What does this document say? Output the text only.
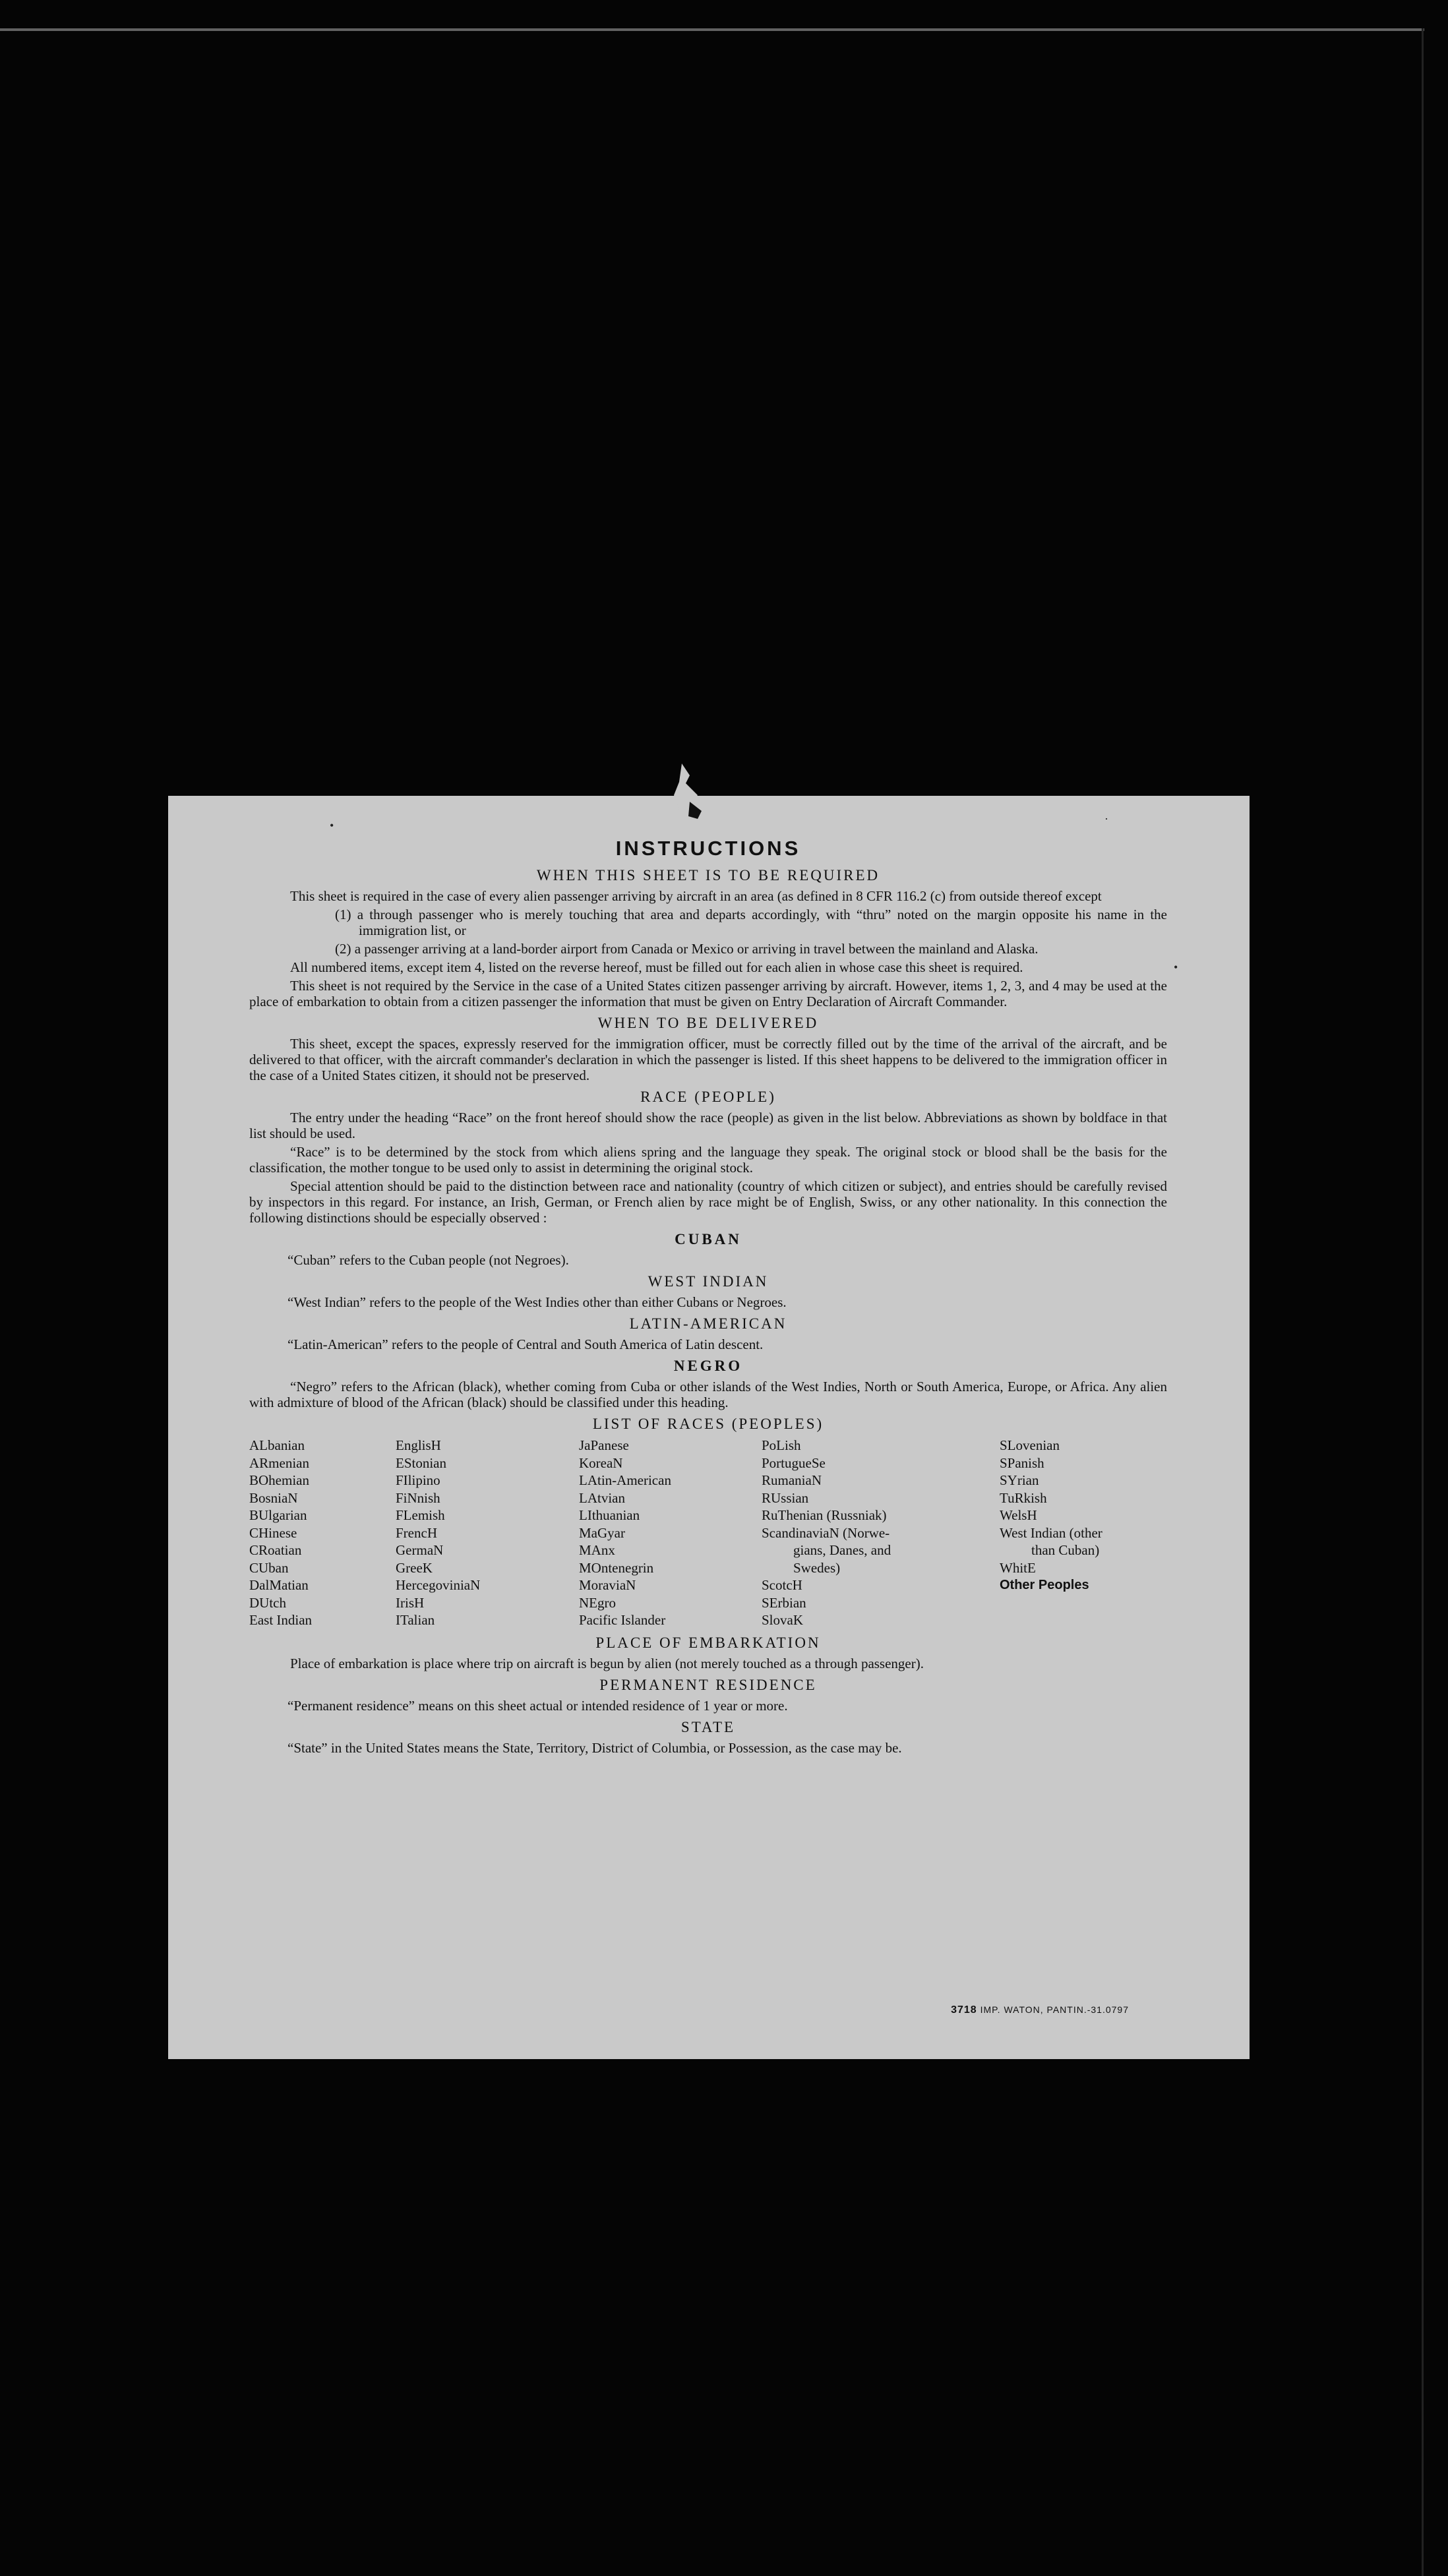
•	·
•
INSTRUCTIONS
WHEN THIS SHEET IS TO BE REQUIRED

This sheet is required in the case of every alien passenger arriving by aircraft in an area (as defined in 8 CFR 116.2 (c) from outside thereof except

(1) a through passenger who is merely touching that area and departs accordingly, with “thru” noted on the margin opposite his name in the immigration list, or

(2) a passenger arriving at a land-border airport from Canada or Mexico or arriving in travel between the mainland and Alaska.

All numbered items, except item 4, listed on the reverse hereof, must be filled out for each alien in whose case this sheet is required.

This sheet is not required by the Service in the case of a United States citizen passenger arriving by aircraft. However, items 1, 2, 3, and 4 may be used at the place of embarkation to obtain from a citizen passenger the information that must be given on Entry Declaration of Aircraft Commander.

WHEN TO BE DELIVERED

This sheet, except the spaces, expressly reserved for the immigration officer, must be correctly filled out by the time of the arrival of the aircraft, and be delivered to that officer, with the aircraft commander's declaration in which the passenger is listed. If this sheet happens to be delivered to the immigration officer in the case of a United States citizen, it should not be preserved.

RACE (PEOPLE)

The entry under the heading “Race” on the front hereof should show the race (people) as given in the list below. Abbreviations as shown by boldface in that list should be used.

“Race” is to be determined by the stock from which aliens spring and the language they speak. The original stock or blood shall be the basis for the classification, the mother tongue to be used only to assist in determining the original stock.

Special attention should be paid to the distinction between race and nationality (country of which citizen or subject), and entries should be carefully revised by inspectors in this regard. For instance, an Irish, German, or French alien by race might be of English, Swiss, or any other nationality. In this connection the following distinctions should be especially observed :

CUBAN

“Cuban” refers to the Cuban people (not Negroes).

WEST INDIAN

“West Indian” refers to the people of the West Indies other than either Cubans or Negroes.

LATIN-AMERICAN

“Latin-American” refers to the people of Central and South America of Latin descent.

NEGRO

“Negro” refers to the African (black), whether coming from Cuba or other islands of the West Indies, North or South America, Europe, or Africa. Any alien with admixture of blood of the African (black) should be classified under this heading.

LIST OF RACES (PEOPLES)
ALbanian
ARmenian
BOhemian
BosniaN
BUlgarian
CHinese
CRoatian
CUban
DalMatian
DUtch
East Indian
EnglisH
EStonian
FIlipino
FiNnish
FLemish
FrencH
GermaN
GreeK
HercegoviniaN
IrisH
ITalian
JaPanese
KoreaN
LAtin-American
LAtvian
LIthuanian
MaGyar
MAnx
MOntenegrin
MoraviaN
NEgro
Pacific Islander
PoLish
PortugueSe
RumaniaN
RUssian
RuThenian (Russniak)
ScandinaviaN (Norwe-
gians, Danes, and
Swedes)
ScotcH
SErbian
SlovaK
SLovenian
SPanish
SYrian
TuRkish
WelsH
West Indian (other
than Cuban)
WhitE
Other Peoples
PLACE OF EMBARKATION

Place of embarkation is place where trip on aircraft is begun by alien (not merely touched as a through passenger).

PERMANENT RESIDENCE

“Permanent residence” means on this sheet actual or intended residence of 1 year or more.

STATE

“State” in the United States means the State, Territory, District of Columbia, or Possession, as the case may be.

3718 IMP. WATON, PANTIN.-31.0797
